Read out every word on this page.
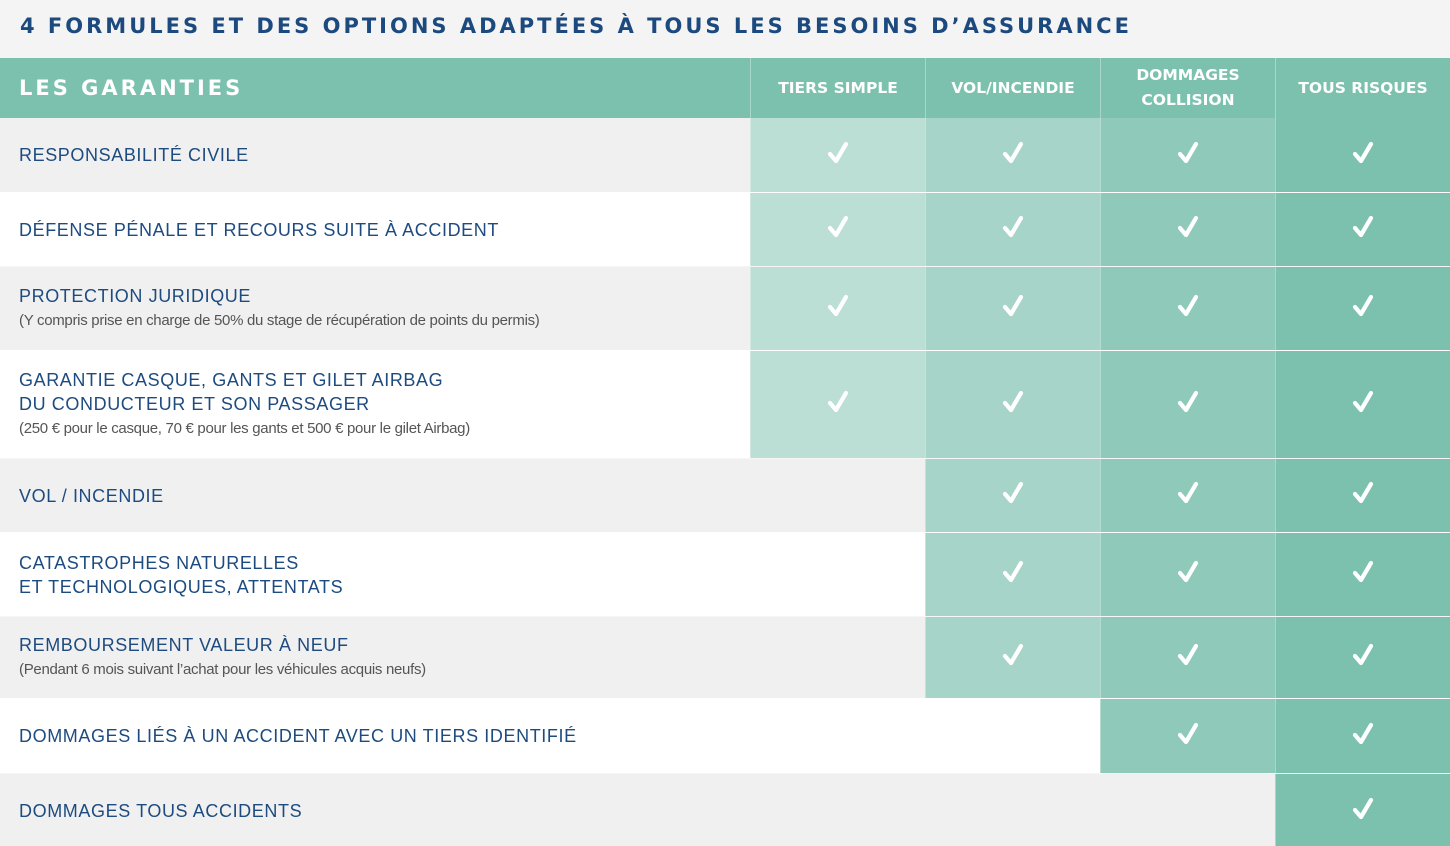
4 FORMULES ET DES OPTIONS ADAPTÉES À TOUS LES BESOINS D’ASSURANCE
LES GARANTIES	TIERS SIMPLE	VOL/INCENDIE
DOMMAGES
COLLISION
TOUS RISQUES
RESPONSABILITÉ CIVILE
DÉFENSE PÉNALE ET RECOURS SUITE À ACCIDENT
PROTECTION JURIDIQUE
(Y compris prise en charge de 50% du stage de récupération de points du permis)
GARANTIE CASQUE, GANTS ET GILET AIRBAG
DU CONDUCTEUR ET SON PASSAGER
(250 € pour le casque, 70 € pour les gants et 500 € pour le gilet Airbag)
VOL / INCENDIE
CATASTROPHES NATURELLES
ET TECHNOLOGIQUES, ATTENTATS
REMBOURSEMENT VALEUR À NEUF
(Pendant 6 mois suivant l’achat pour les véhicules acquis neufs)
DOMMAGES LIÉS À UN ACCIDENT AVEC UN TIERS IDENTIFIÉ
DOMMAGES TOUS ACCIDENTS
